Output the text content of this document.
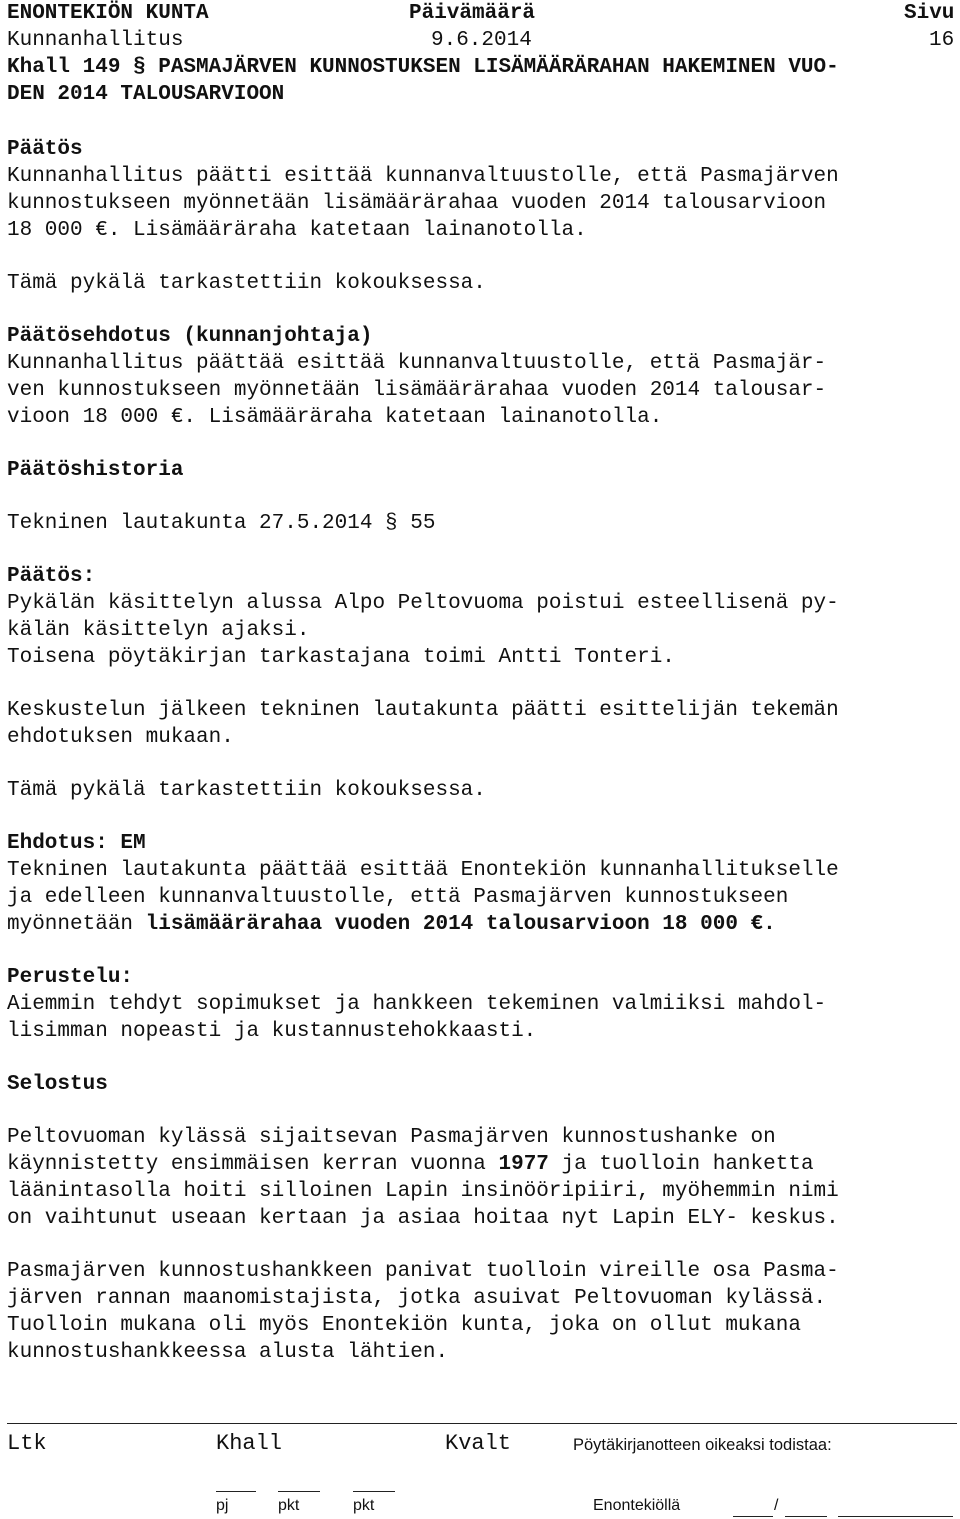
ENONTEKIÖN KUNTA	Päivämäärä	Sivu
Kunnanhallitus	9.6.2014	16

Khall 149 § PASMAJÄRVEN KUNNOSTUKSEN LISÄMÄÄRÄRAHAN HAKEMINEN VUO-

DEN 2014 TALOUSARVIOON

Päätös

Kunnanhallitus päätti esittää kunnanvaltuustolle, että Pasmajärven
kunnostukseen myönnetään lisämäärärahaa vuoden 2014 talousarvioon
18 000 €. Lisämääräraha katetaan lainanotolla.

Tämä pykälä tarkastettiin kokouksessa.

Päätösehdotus (kunnanjohtaja)

Kunnanhallitus päättää esittää kunnanvaltuustolle, että Pasmajär-
ven kunnostukseen myönnetään lisämäärärahaa vuoden 2014 talousar-
vioon 18 000 €. Lisämääräraha katetaan lainanotolla.

Päätöshistoria

Tekninen lautakunta 27.5.2014 § 55

Päätös:

Pykälän käsittelyn alussa Alpo Peltovuoma poistui esteellisenä py-
kälän käsittelyn ajaksi.
Toisena pöytäkirjan tarkastajana toimi Antti Tonteri.

Keskustelun jälkeen tekninen lautakunta päätti esittelijän tekemän
ehdotuksen mukaan.

Tämä pykälä tarkastettiin kokouksessa.

Ehdotus: EM

Tekninen lautakunta päättää esittää Enontekiön kunnanhallitukselle
ja edelleen kunnanvaltuustolle, että Pasmajärven kunnostukseen
myönnetään lisämäärärahaa vuoden 2014 talousarvioon 18 000 €.

Perustelu:

Aiemmin tehdyt sopimukset ja hankkeen tekeminen valmiiksi mahdol-
lisimman nopeasti ja kustannustehokkaasti.

Selostus

Peltovuoman kylässä sijaitsevan Pasmajärven kunnostushanke on
käynnistetty ensimmäisen kerran vuonna 1977 ja tuolloin hanketta
läänintasolla hoiti silloinen Lapin insinööripiiri, myöhemmin nimi
on vaihtunut useaan kertaan ja asiaa hoitaa nyt Lapin ELY- keskus.

Pasmajärven kunnostushankkeen panivat tuolloin vireille osa Pasma-
järven rannan maanomistajista, jotka asuivat Peltovuoman kylässä.
Tuolloin mukana oli myös Enontekiön kunta, joka on ollut mukana
kunnostushankkeessa alusta lähtien.

Ltk	Khall	Kvalt	Pöytäkirjanotteen oikeaksi todistaa:
pj	pkt	pkt	Enontekiöllä	/
